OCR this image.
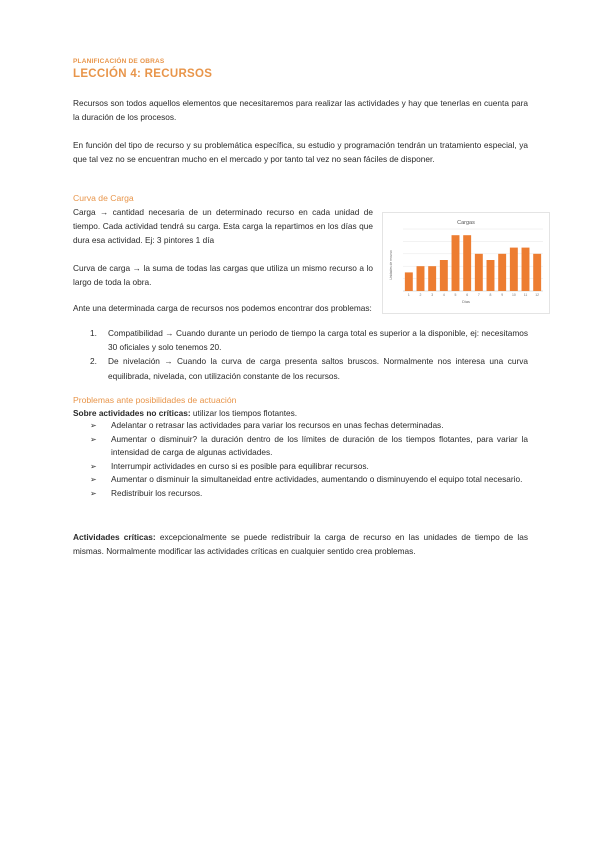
PLANIFICACIÓN DE OBRAS
LECCIÓN 4: RECURSOS

Recursos son todos aquellos elementos que necesitaremos para realizar las actividades y hay que tenerlas en cuenta para la duración de los procesos.

En función del tipo de recurso y su problemática específica, su estudio y programación tendrán un tratamiento especial, ya que tal vez no se encuentran mucho en el mercado y por tanto tal vez no sean fáciles de disponer.

Curva de Carga

Carga → cantidad necesaria de un determinado recurso en cada unidad de tiempo. Cada actividad tendrá su carga. Esta carga la repartimos en los días que dura esa actividad. Ej: 3 pintores 1 día

Cargas
1	2	3	4	5	6	7	8	9	10 11 12
Días
Unidades de recurso

Curva de carga → la suma de todas las cargas que utiliza un mismo recurso a lo largo de toda la obra.

Ante una determinada carga de recursos nos podemos encontrar dos problemas:

1. Compatibilidad → Cuando durante un periodo de tiempo la carga total es superior a la disponible, ej: necesitamos 30 oficiales y solo tenemos 20.
2. De nivelación → Cuando la curva de carga presenta saltos bruscos. Normalmente nos interesa una curva equilibrada, nivelada, con utilización constante de los recursos.
Problemas ante posibilidades de actuación

Sobre actividades no críticas: utilizar los tiempos flotantes.

➢ Adelantar o retrasar las actividades para variar los recursos en unas fechas determinadas.
➢ Aumentar o disminuir? la duración dentro de los límites de duración de los tiempos flotantes, para variar la intensidad de carga de algunas actividades.
➢ Interrumpir actividades en curso si es posible para equilibrar recursos.
➢ Aumentar o disminuir la simultaneidad entre actividades, aumentando o disminuyendo el equipo total necesario.
➢ Redistribuir los recursos.

Actividades críticas: excepcionalmente se puede redistribuir la carga de recurso en las unidades de tiempo de las mismas. Normalmente modificar las actividades críticas en cualquier sentido crea problemas.
